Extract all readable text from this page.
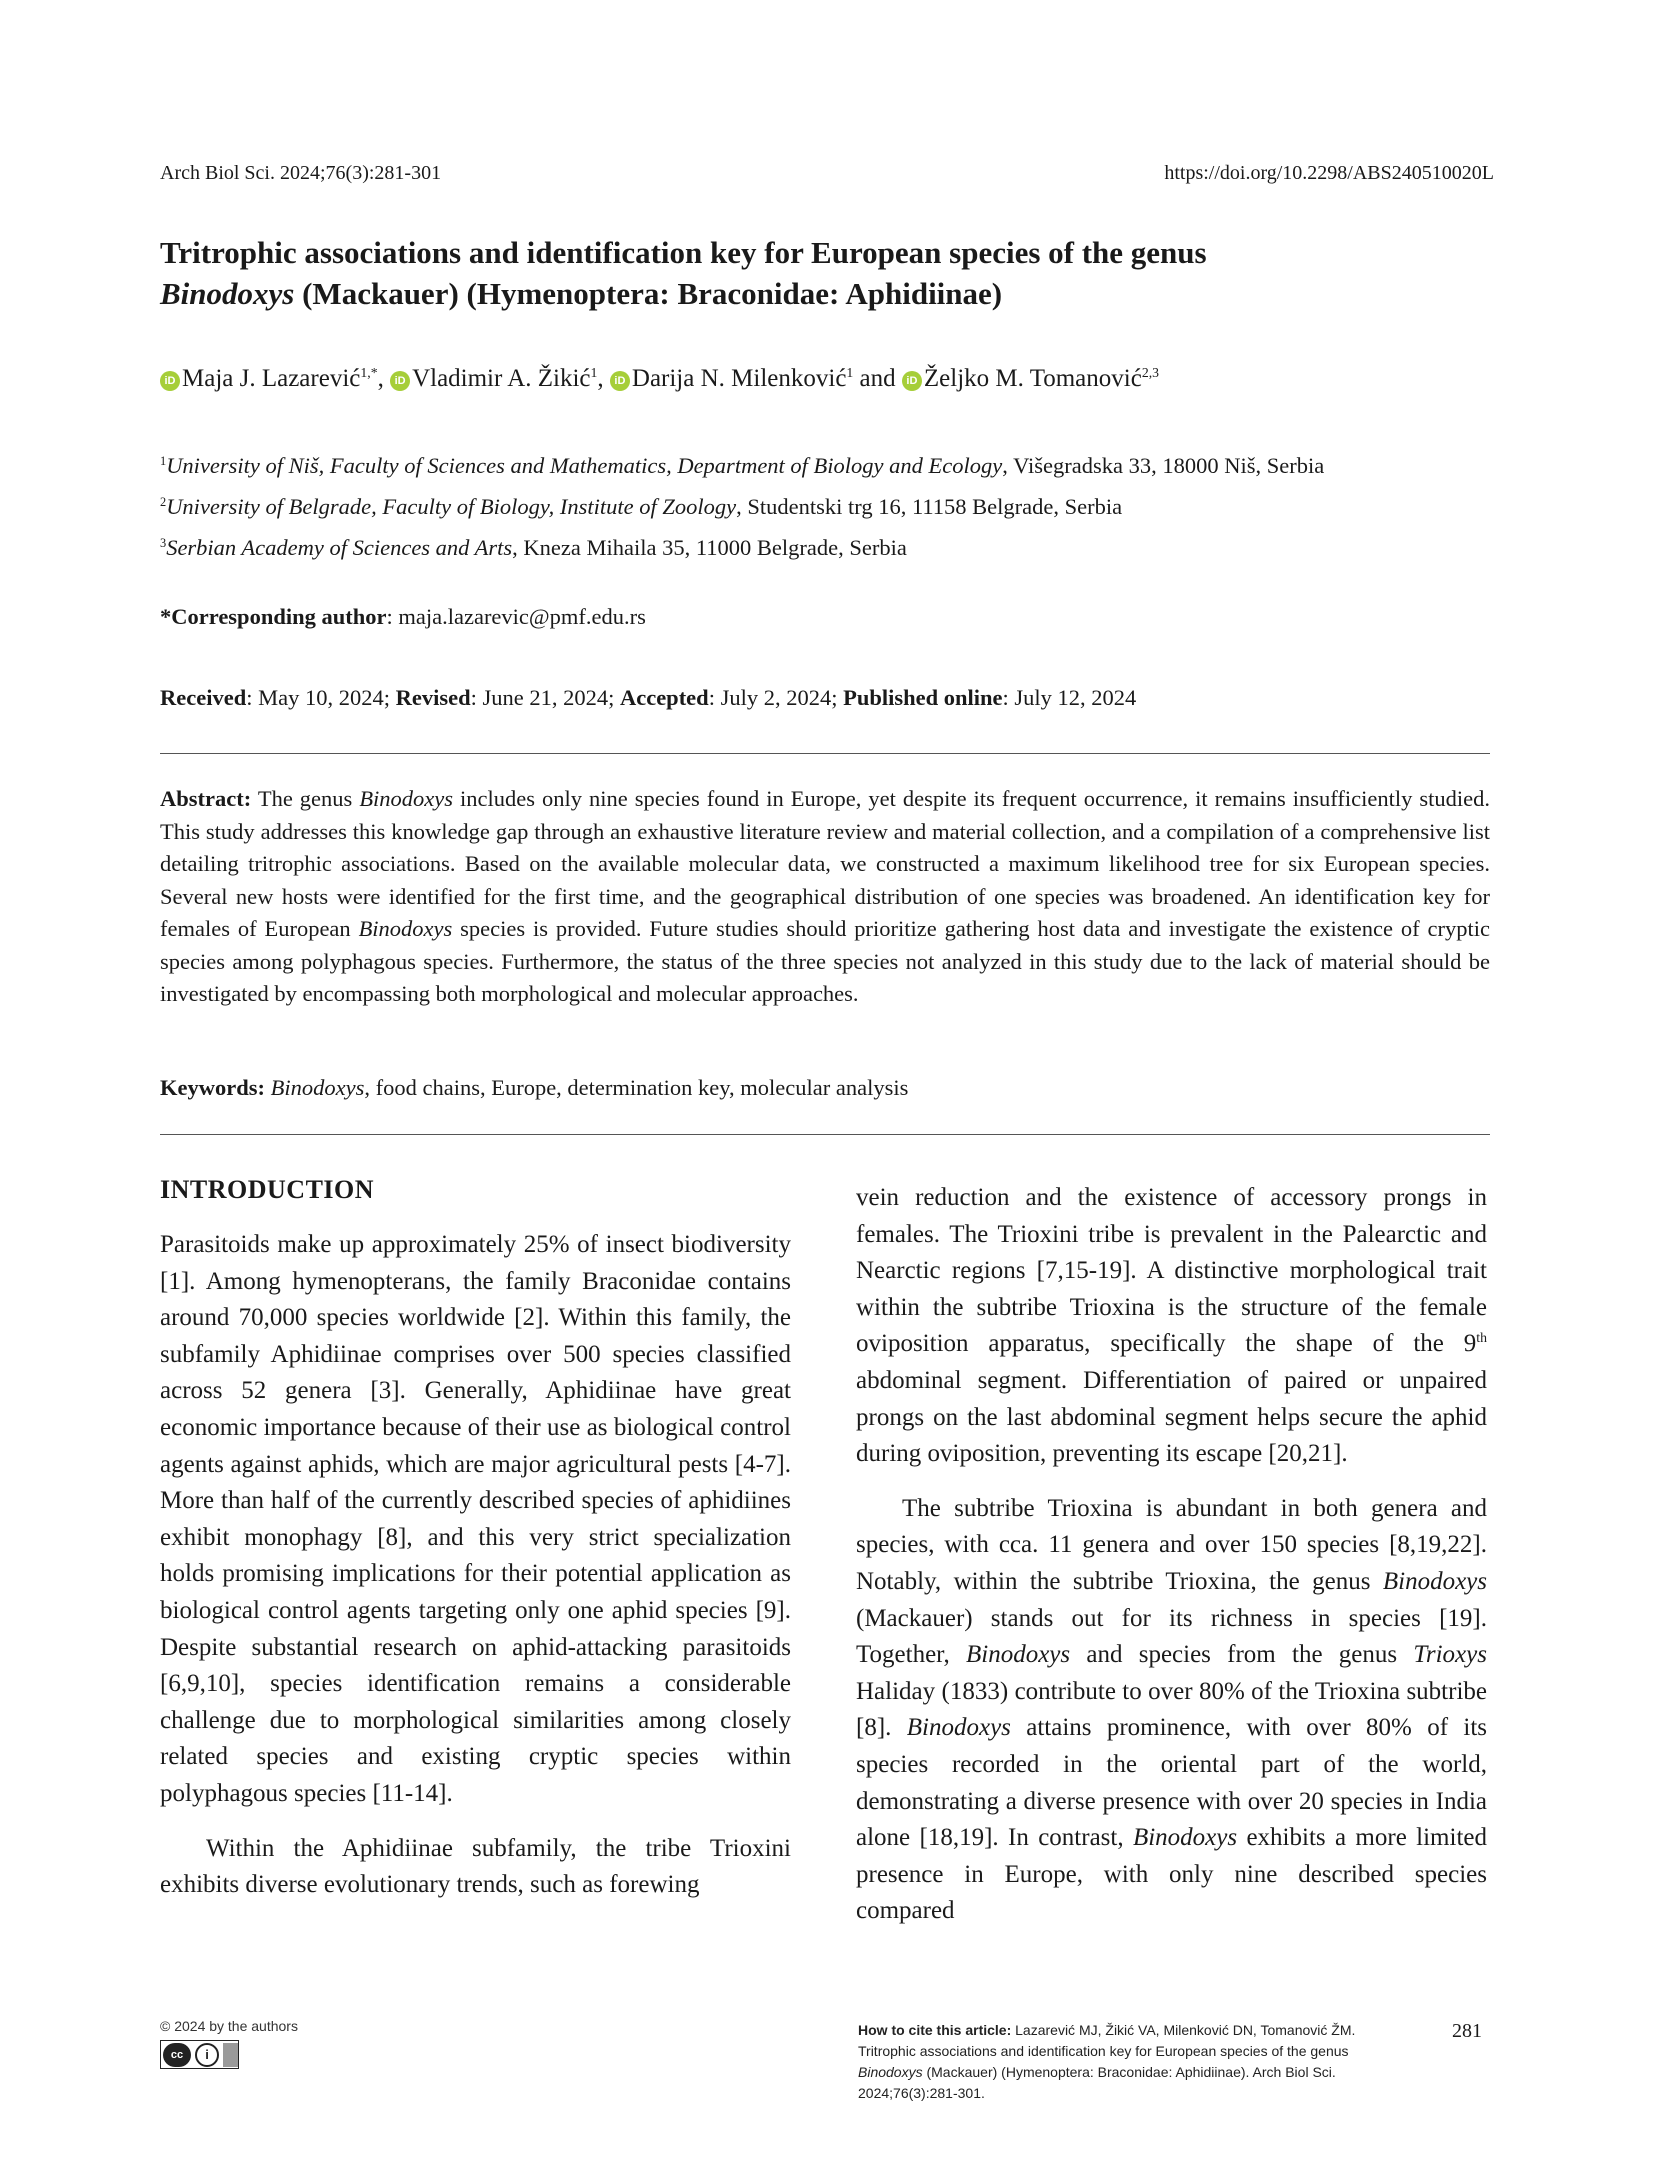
Arch Biol Sci. 2024;76(3):281-301	https://doi.org/10.2298/ABS240510020L
Tritrophic associations and identification key for European species of the genus
Binodoxys (Mackauer) (Hymenoptera: Braconidae: Aphidiinae)
iD Maja J. Lazarević$^{1,*}$, iD Vladimir A. Žikić$^1$, iD Darija N. Milenković$^1$ and iD Željko M. Tomanović$^{2,3}$
$^1$University of Niš, Faculty of Sciences and Mathematics, Department of Biology and Ecology, Višegradska 33, 18000 Niš, Serbia
$^2$University of Belgrade, Faculty of Biology, Institute of Zoology, Studentski trg 16, 11158 Belgrade, Serbia
$^3$Serbian Academy of Sciences and Arts, Kneza Mihaila 35, 11000 Belgrade, Serbia
*Corresponding author: maja.lazarevic@pmf.edu.rs
Received: May 10, 2024; Revised: June 21, 2024; Accepted: July 2, 2024; Published online: July 12, 2024

Abstract: The genus Binodoxys includes only nine species found in Europe, yet despite its frequent occurrence, it remains insufficiently studied. This study addresses this knowledge gap through an exhaustive literature review and material collection, and a compilation of a comprehensive list detailing tritrophic associations. Based on the available molecular data, we constructed a maximum likelihood tree for six European species. Several new hosts were identified for the first time, and the geographical distribution of one species was broadened. An identification key for females of European Binodoxys species is provided. Future studies should prioritize gathering host data and investigate the existence of cryptic species among polyphagous species. Furthermore, the status of the three species not analyzed in this study due to the lack of material should be investigated by encompassing both morphological and molecular approaches.

Keywords: Binodoxys, food chains, Europe, determination key, molecular analysis
INTRODUCTION

Parasitoids make up approximately 25% of insect biodiversity [1]. Among hymenopterans, the family Braconidae contains around 70,000 species worldwide [2]. Within this family, the subfamily Aphidiinae comprises over 500 species classified across 52 genera [3]. Generally, Aphidiinae have great economic importance because of their use as biological control agents against aphids, which are major agricultural pests [4-7]. More than half of the currently described species of aphidiines exhibit monophagy [8], and this very strict specialization holds promising implications for their potential application as biological control agents targeting only one aphid species [9]. Despite substantial research on aphid-attacking parasitoids [6,9,10], species identification remains a considerable challenge due to morphological similarities among closely related species and existing cryptic species within polyphagous species [11-14].

Within the Aphidiinae subfamily, the tribe Trioxini exhibits diverse evolutionary trends, such as forewing

vein reduction and the existence of accessory prongs in females. The Trioxini tribe is prevalent in the Palearctic and Nearctic regions [7,15-19]. A distinctive morphological trait within the subtribe Trioxina is the structure of the female oviposition apparatus, specifically the shape of the 9th abdominal segment. Differentiation of paired or unpaired prongs on the last abdominal segment helps secure the aphid during oviposition, preventing its escape [20,21].

The subtribe Trioxina is abundant in both genera and species, with cca. 11 genera and over 150 species [8,19,22]. Notably, within the subtribe Trioxina, the genus Binodoxys (Mackauer) stands out for its richness in species [19]. Together, Binodoxys and species from the genus Trioxys Haliday (1833) contribute to over 80% of the Trioxina subtribe [8]. Binodoxys attains prominence, with over 80% of its species recorded in the oriental part of the world, demonstrating a diverse presence with over 20 species in India alone [18,19]. In contrast, Binodoxys exhibits a more limited presence in Europe, with only nine described species compared

© 2024 by the authors
cc	i
How to cite this article: Lazarević MJ, Žikić VA, Milenković DN, Tomanović ŽM. Tritrophic associations and identification key for European species of the genus Binodoxys (Mackauer) (Hymenoptera: Braconidae: Aphidiinae). Arch Biol Sci. 2024;76(3):281-301.
281
